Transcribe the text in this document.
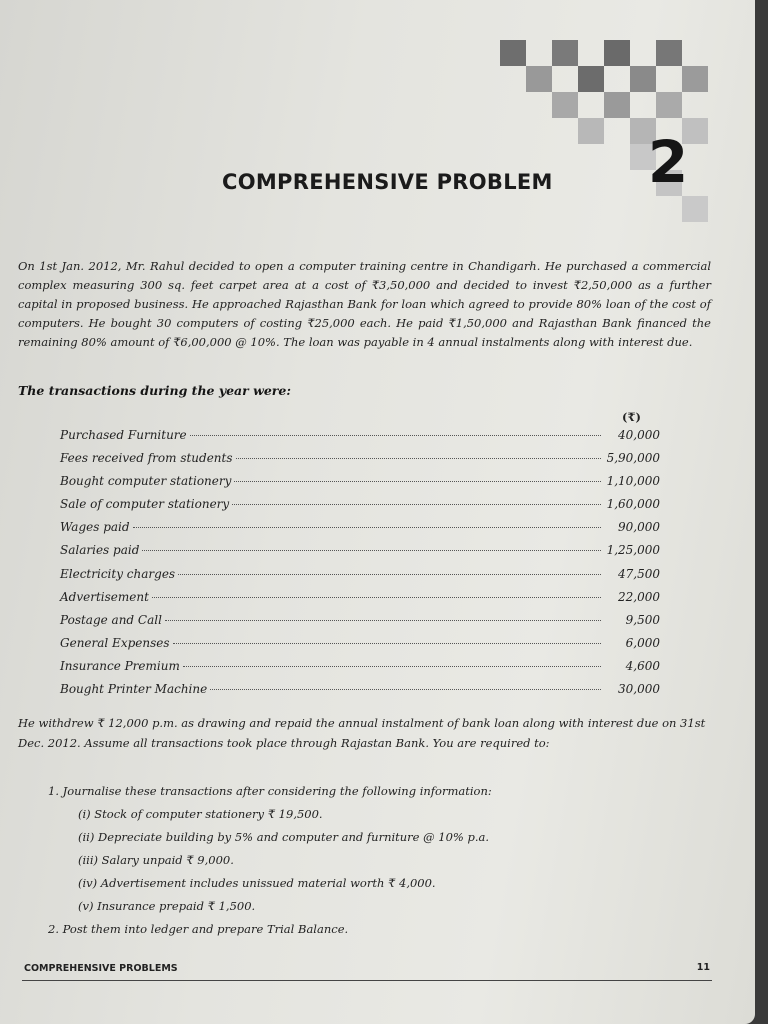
2
COMPREHENSIVE PROBLEM
On 1st Jan. 2012, Mr. Rahul decided to open a computer training centre in Chandigarh. He purchased a commercial complex measuring 300 sq. feet carpet area at a cost of ₹3,50,000 and decided to invest ₹2,50,000 as a further capital in proposed business. He approached Rajasthan Bank for loan which agreed to provide 80% loan of the cost of computers. He bought 30 computers of costing ₹25,000 each. He paid ₹1,50,000 and Rajasthan Bank financed the remaining 80% amount of ₹6,00,000 @ 10%. The loan was payable in 4 annual instalments along with interest due.
The transactions during the year were:
(₹)
Purchased Furniture	40,000
Fees received from students	5,90,000
Bought computer stationery	1,10,000
Sale of computer stationery	1,60,000
Wages paid	90,000
Salaries paid	1,25,000
Electricity charges	47,500
Advertisement	22,000
Postage and Call	9,500
General Expenses	6,000
Insurance Premium	4,600
Bought Printer Machine	30,000
He withdrew ₹ 12,000 p.m. as drawing and repaid the annual instalment of bank loan along with interest due on 31st Dec. 2012. Assume all transactions took place through Rajastan Bank. You are required to:
1. Journalise these transactions after considering the following information:
(i) Stock of computer stationery ₹ 19,500.
(ii) Depreciate building by 5% and computer and furniture @ 10% p.a.
(iii) Salary unpaid ₹ 9,000.
(iv) Advertisement includes unissued material worth ₹ 4,000.
(v) Insurance prepaid ₹ 1,500.
2. Post them into ledger and prepare Trial Balance.
COMPREHENSIVE PROBLEMS	11
